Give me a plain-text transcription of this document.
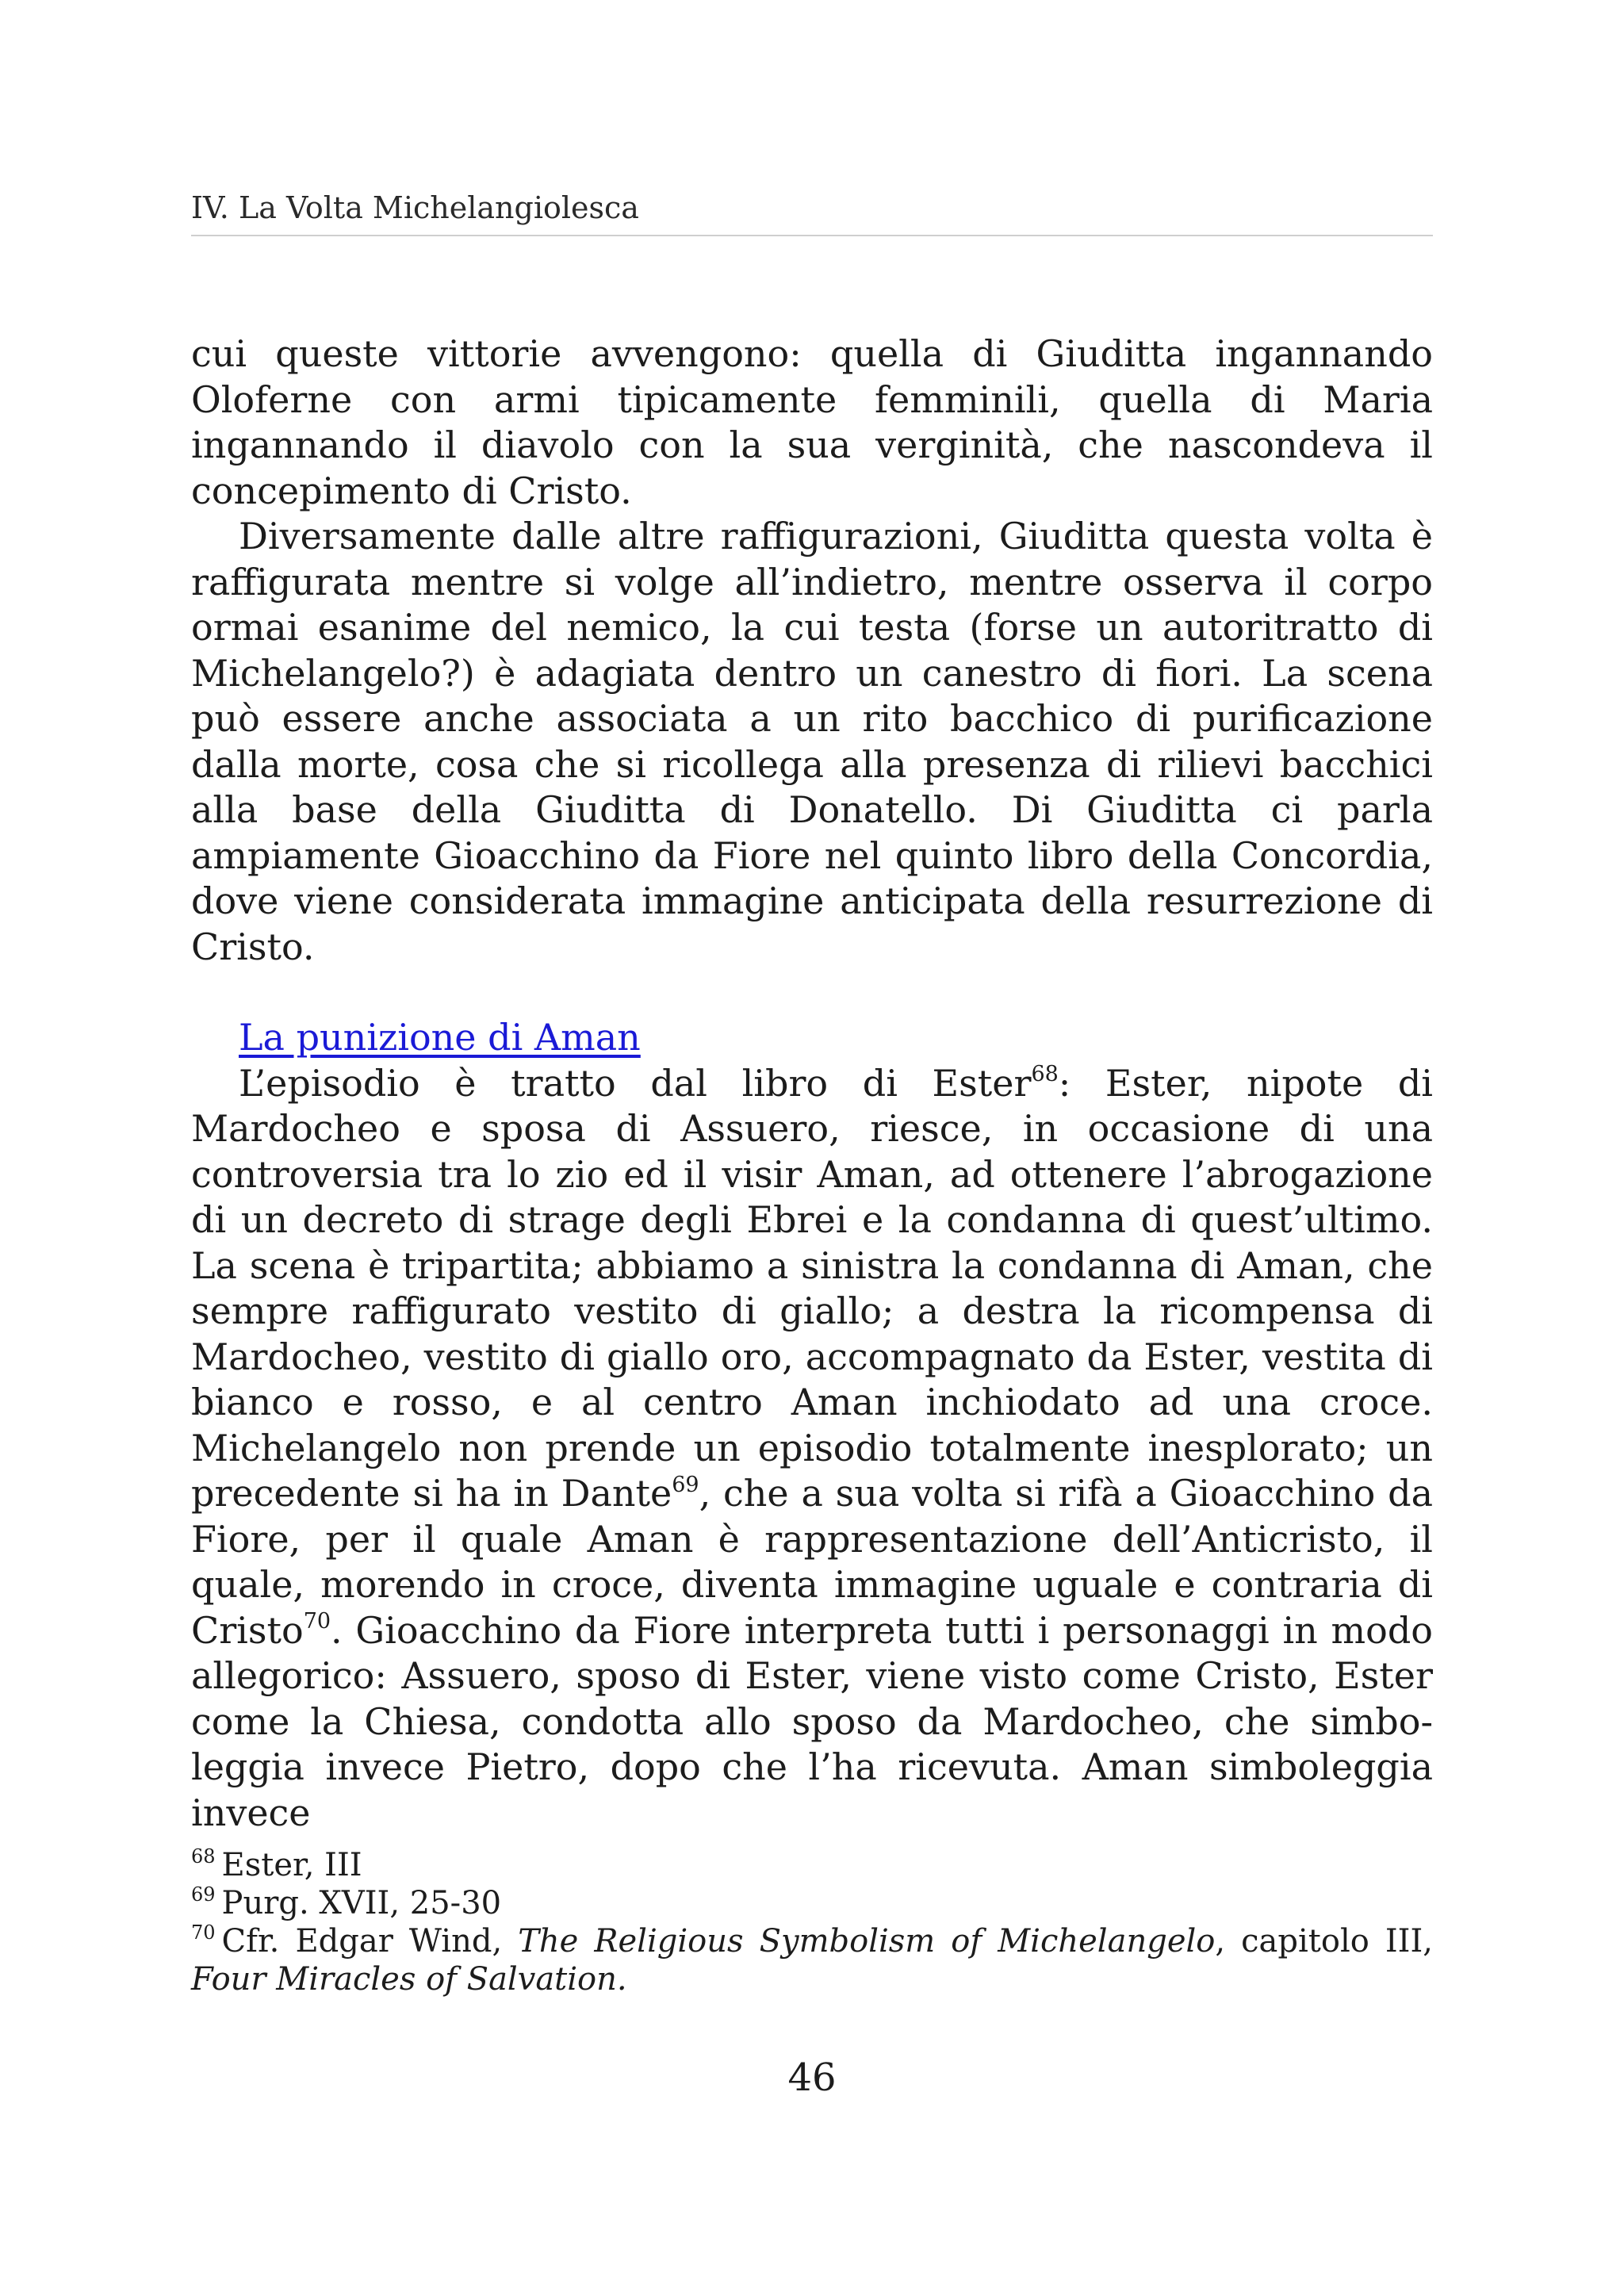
IV. La Volta Michelangiolesca

cui queste vittorie avvengono: quella di Giuditta ingannando Oloferne con armi tipicamente femminili, quella di Maria ingannando il diavolo con la sua verginità, che nascondeva il concepimento di Cristo.

Diversamente dalle altre raffigurazioni, Giuditta questa volta è raffigurata mentre si volge all’indietro, mentre osserva il corpo ormai esanime del nemico, la cui testa (forse un autoritratto di Michelangelo?) è adagiata dentro un canestro di fiori. La scena può essere anche associata a un rito bacchico di purificazione dalla morte, cosa che si ricollega alla presenza di rilievi bacchici alla base della Giuditta di Donatello. Di Giuditta ci parla ampiamente Gioacchino da Fiore nel quinto libro della Concordia, dove viene considerata immagine anticipata della resurrezione di Cristo.

La punizione di Aman

L’episodio è tratto dal libro di Ester$^{68}$: Ester, nipote di Mardocheo e sposa di Assuero, riesce, in occasione di una controversia tra lo zio ed il visir Aman, ad ottenere l’abrogazione di un decreto di strage degli Ebrei e la condanna di quest’ultimo. La scena è tripartita; abbiamo a sinistra la condanna di Aman, che sempre raffigurato vestito di giallo; a destra la ricompensa di Mardocheo, vestito di giallo oro, accompagnato da Ester, vestita di bianco e rosso, e al centro Aman inchiodato ad una croce. Michelangelo non prende un episodio totalmente inesplorato; un precedente si ha in Dante$^{69}$, che a sua volta si rifà a Gioacchino da Fiore, per il quale Aman è rappresentazione dell’Anticristo, il quale, morendo in croce, diventa immagine uguale e contraria di Cristo$^{70}$. Gioacchino da Fiore interpreta tutti i personaggi in modo allegorico: Assuero, sposo di Ester, viene visto come Cristo, Ester come la Chiesa, condotta allo sposo da Mardocheo, che simboleggia invece Pietro, dopo che l’ha ricevuta. Aman simboleggia invece

$^{68}$ Ester, III

$^{69}$ Purg. XVII, 25-30

$^{70}$ Cfr. Edgar Wind, The Religious Symbolism of Michelangelo, capitolo III, Four Miracles of Salvation.

46
